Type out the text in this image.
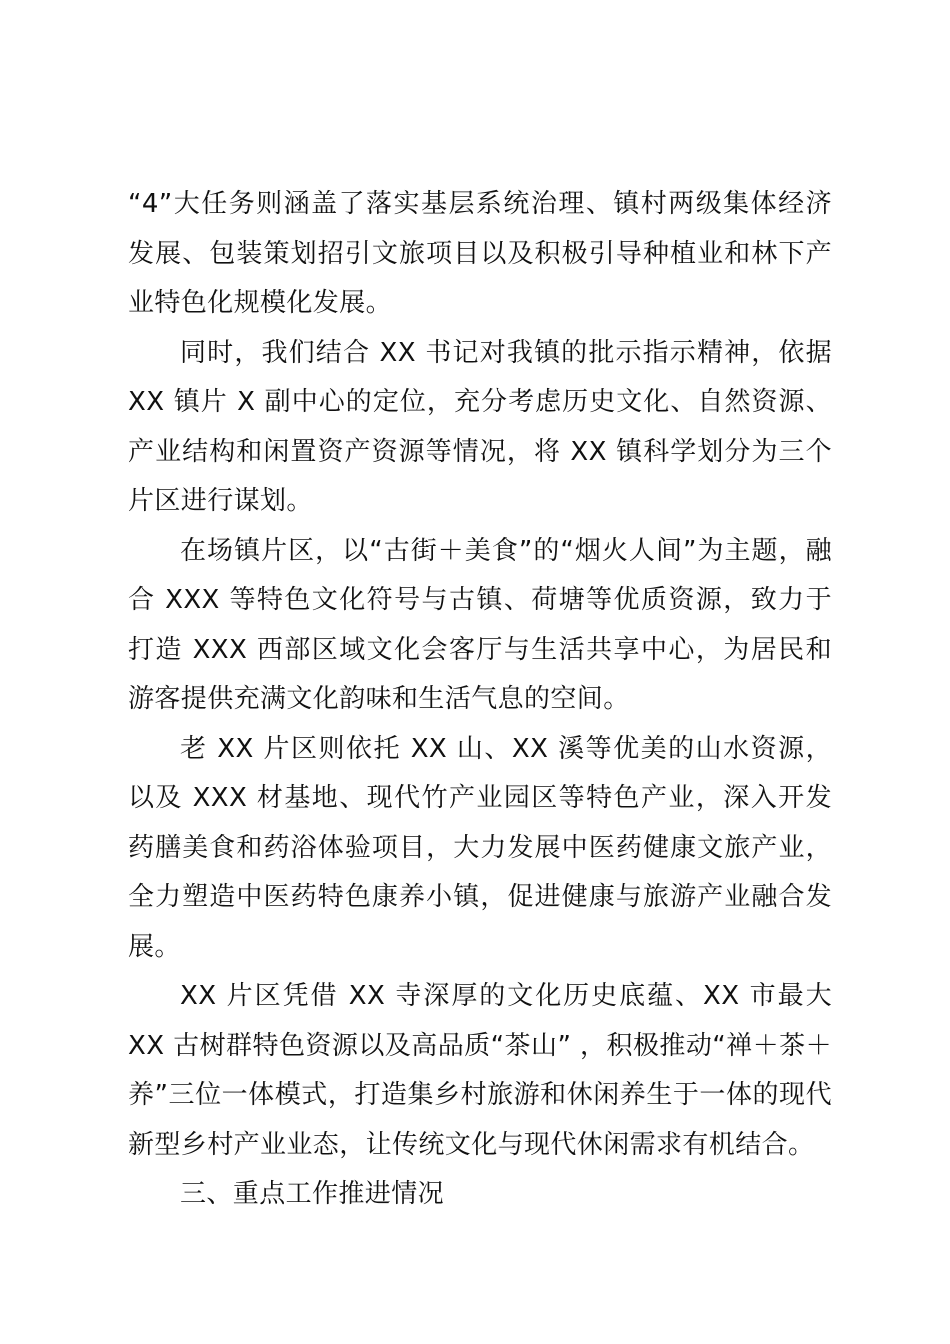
“4”大任务则涵盖了落实基层系统治理、镇村两级集体经济发展、包装策划招引文旅项目以及积极引导种植业和林下产业特色化规模化发展。

同时，我们结合 XX 书记对我镇的批示指示精神，依据 XX 镇片 X 副中心的定位，充分考虑历史文化、自然资源、产业结构和闲置资产资源等情况，将 XX 镇科学划分为三个片区进行谋划。

在场镇片区，以“古街＋美食”的“烟火人间”为主题，融合 XXX 等特色文化符号与古镇、荷塘等优质资源，致力于打造 XXX 西部区域文化会客厅与生活共享中心，为居民和游客提供充满文化韵味和生活气息的空间。

老 XX 片区则依托 XX 山、XX 溪等优美的山水资源，以及 XXX 材基地、现代竹产业园区等特色产业，深入开发药膳美食和药浴体验项目，大力发展中医药健康文旅产业，全力塑造中医药特色康养小镇，促进健康与旅游产业融合发展。

XX 片区凭借 XX 寺深厚的文化历史底蕴、XX 市最大 XX 古树群特色资源以及高品质“茶山” ，积极推动“禅＋茶＋养”三位一体模式，打造集乡村旅游和休闲养生于一体的现代新型乡村产业业态，让传统文化与现代休闲需求有机结合。

三、重点工作推进情况
